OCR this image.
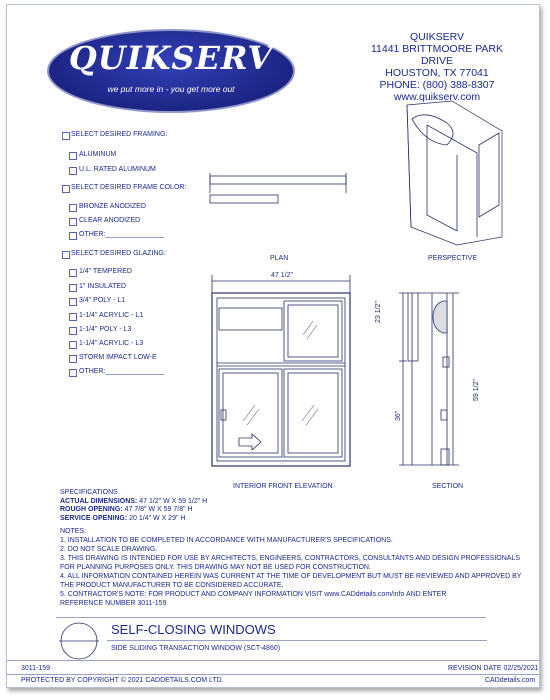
QUIKSERV
we put more in - you get more out
QUIKSERV
11441 BRITTMOORE PARK DRIVE
HOUSTON, TX 77041
PHONE: (800) 388-8307
www.quikserv.com
SELECT DESIRED FRAMING:
ALUMINUM
U.L. RATED ALUMINUM
SELECT DESIRED FRAME COLOR:
BRONZE ANODIZED
CLEAR ANODIZED
OTHER:_______________
SELECT DESIRED GLAZING:
1/4" TEMPERED
1" INSULATED
3/4" POLY - L1
1-1/4" ACRYLIC - L1
1-1/4" POLY - L3
1-1/4" ACRYLIC - L3
STORM IMPACT LOW-E
OTHER:_______________
PLAN	PERSPECTIVE
47 1/2"
23 1/2"
36"
59 1/2"
INTERIOR FRONT ELEVATION	SECTION
SPECIFICATIONS
ACTUAL DIMENSIONS: 47 1/2" W X 59 1/2" H
ROUGH OPENING: 47 7/8" W X 59 7/8" H
SERVICE OPENING: 20 1/4" W X 29" H
NOTES:
1. INSTALLATION TO BE COMPLETED IN ACCORDANCE WITH MANUFACTURER'S SPECIFICATIONS.
2. DO NOT SCALE DRAWING.
3. THIS DRAWING IS INTENDED FOR USE BY ARCHITECTS, ENGINEERS, CONTRACTORS, CONSULTANTS AND DESIGN PROFESSIONALS
FOR PLANNING PURPOSES ONLY. THIS DRAWING MAY NOT BE USED FOR CONSTRUCTION.
4. ALL INFORMATION CONTAINED HEREIN WAS CURRENT AT THE TIME OF DEVELOPMENT BUT MUST BE REVIEWED AND APPROVED BY
THE PRODUCT MANUFACTURER TO BE CONSIDERED ACCURATE.
5. CONTRACTOR'S NOTE: FOR PRODUCT AND COMPANY INFORMATION VISIT www.CADdetails.com/info AND ENTER
REFERENCE NUMBER 3011-159
SELF-CLOSING WINDOWS
SIDE SLIDING TRANSACTION WINDOW (SCT-4860)
3011-159	REVISION DATE 02/25/2021
PROTECTED BY COPYRIGHT © 2021 CADDETAILS.COM LTD.	CADdetails.com
